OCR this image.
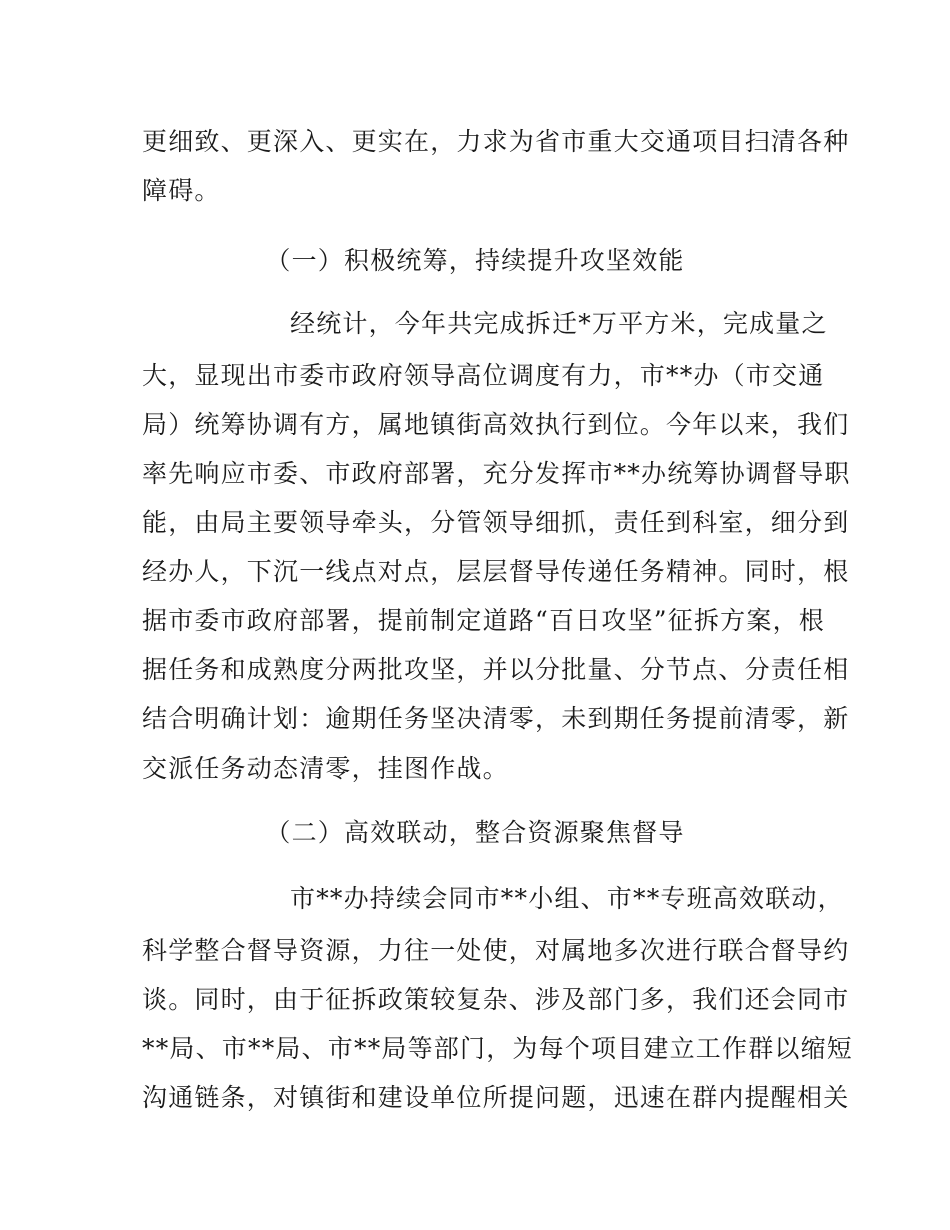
更细致、更深入、更实在，力求为省市重大交通项目扫清各种
障碍。
（一）积极统筹，持续提升攻坚效能
经统计，今年共完成拆迁*万平方米，完成量之
大，显现出市委市政府领导高位调度有力，市**办（市交通
局）统筹协调有方，属地镇街高效执行到位。今年以来，我们
率先响应市委、市政府部署，充分发挥市**办统筹协调督导职
能，由局主要领导牵头，分管领导细抓，责任到科室，细分到
经办人，下沉一线点对点，层层督导传递任务精神。同时，根
据市委市政府部署，提前制定道路“百日攻坚”征拆方案，根
据任务和成熟度分两批攻坚，并以分批量、分节点、分责任相
结合明确计划：逾期任务坚决清零，未到期任务提前清零，新
交派任务动态清零，挂图作战。
（二）高效联动，整合资源聚焦督导
市**办持续会同市**小组、市**专班高效联动，
科学整合督导资源，力往一处使，对属地多次进行联合督导约
谈。同时，由于征拆政策较复杂、涉及部门多，我们还会同市
**局、市**局、市**局等部门，为每个项目建立工作群以缩短
沟通链条，对镇街和建设单位所提问题，迅速在群内提醒相关
